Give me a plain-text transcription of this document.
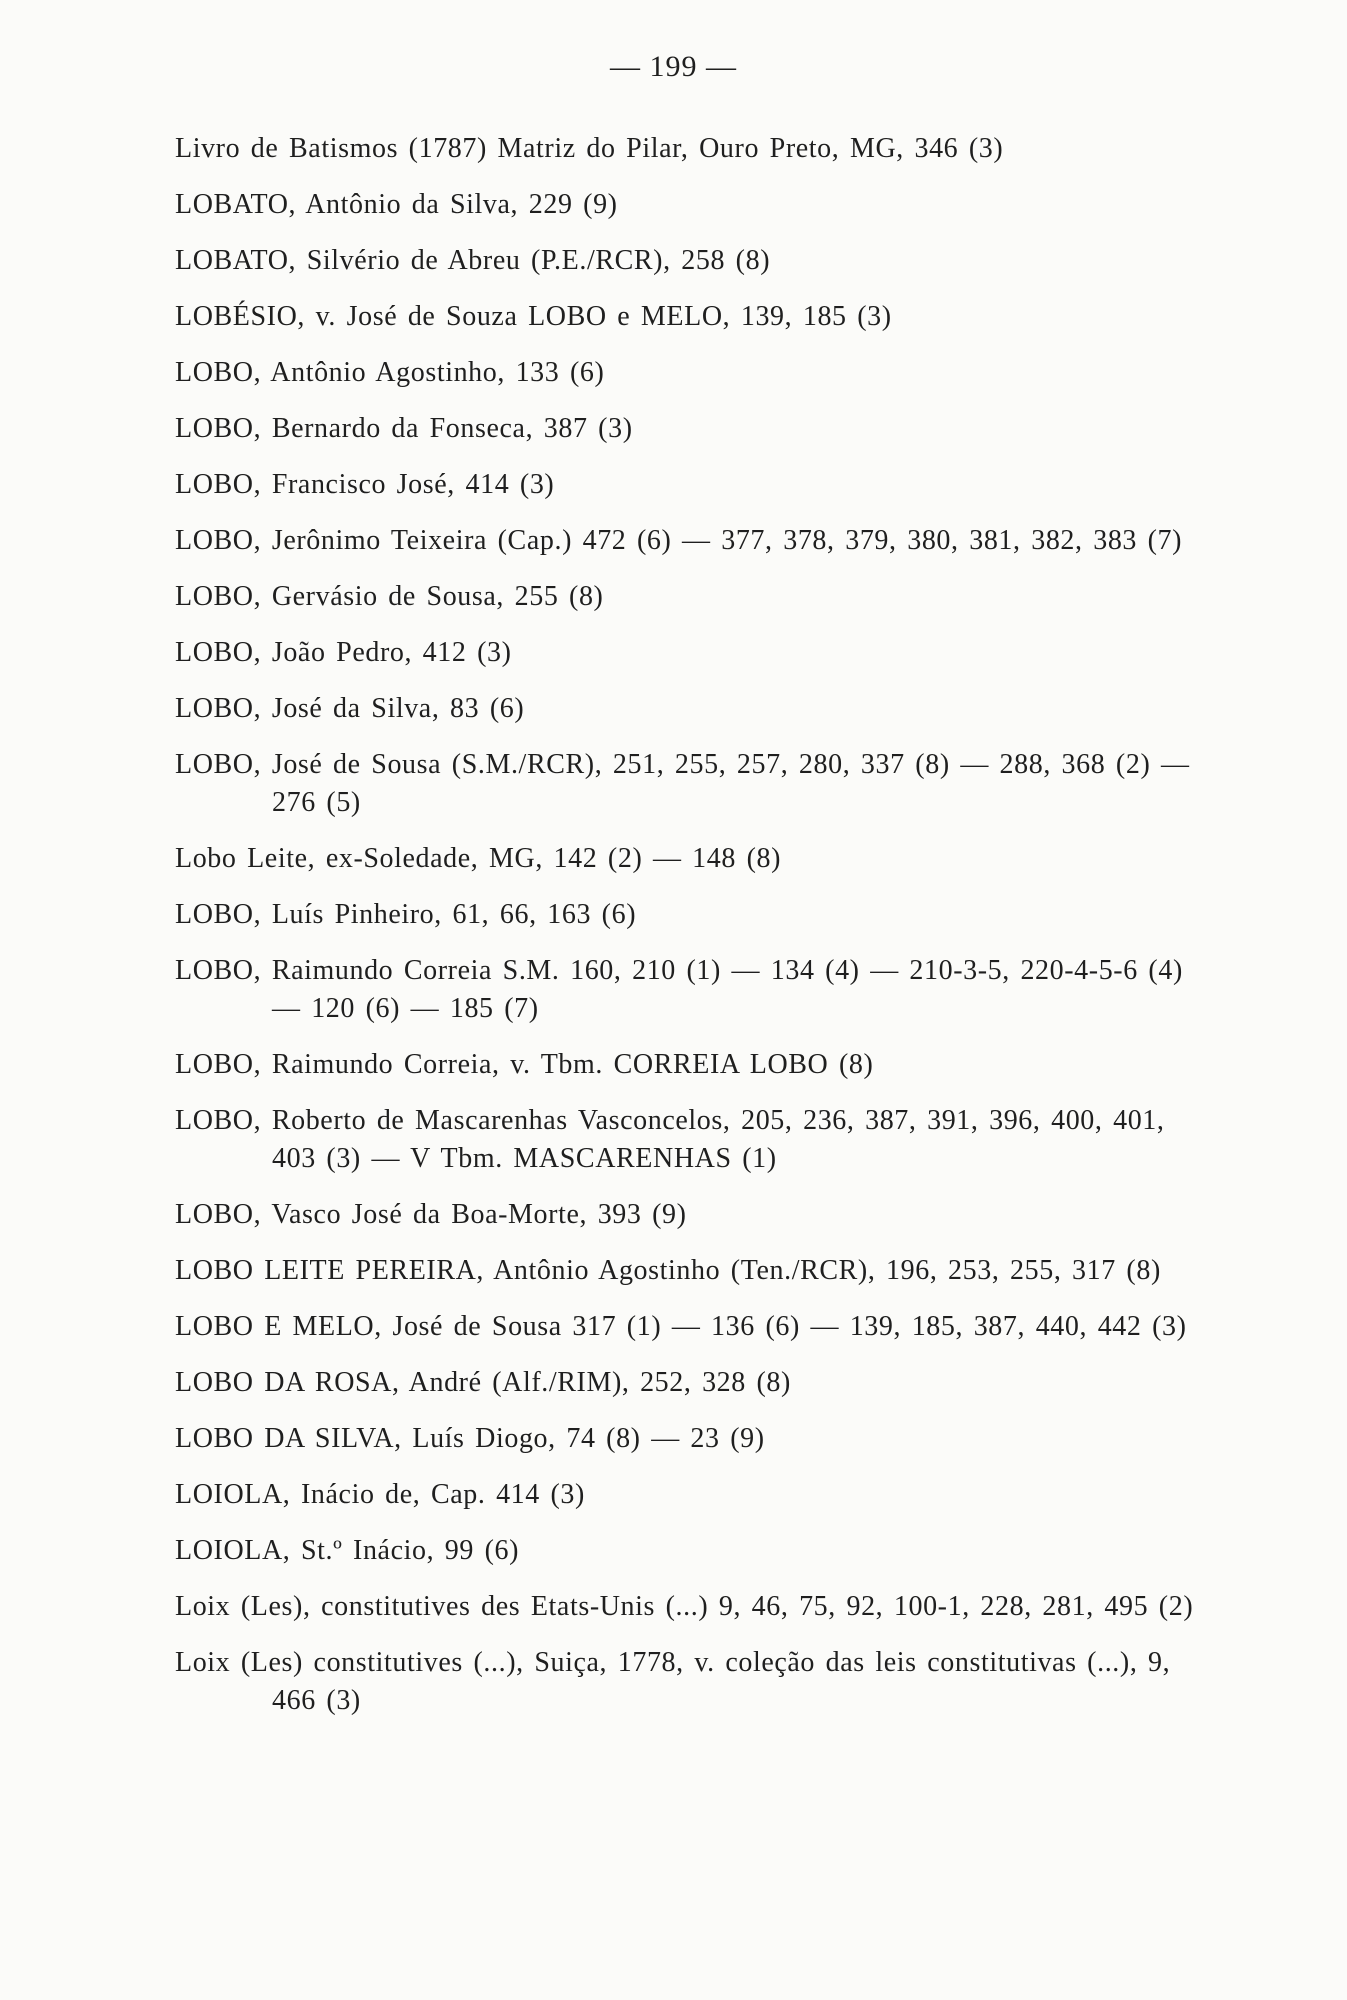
— 199 —
Livro de Batismos (1787) Matriz do Pilar, Ouro Preto, MG, 346 (3)
LOBATO, Antônio da Silva, 229 (9)
LOBATO, Silvério de Abreu (P.E./RCR), 258 (8)
LOBÉSIO, v. José de Souza LOBO e MELO, 139, 185 (3)
LOBO, Antônio Agostinho, 133 (6)
LOBO, Bernardo da Fonseca, 387 (3)
LOBO, Francisco José, 414 (3)
LOBO, Jerônimo Teixeira (Cap.) 472 (6) — 377, 378, 379, 380, 381, 382, 383 (7)
LOBO, Gervásio de Sousa, 255 (8)
LOBO, João Pedro, 412 (3)
LOBO, José da Silva, 83 (6)
LOBO, José de Sousa (S.M./RCR), 251, 255, 257, 280, 337 (8) — 288, 368 (2) — 276 (5)
Lobo Leite, ex-Soledade, MG, 142 (2) — 148 (8)
LOBO, Luís Pinheiro, 61, 66, 163 (6)
LOBO, Raimundo Correia S.M. 160, 210 (1) — 134 (4) — 210-3-5, 220-4-5-6 (4) — 120 (6) — 185 (7)
LOBO, Raimundo Correia, v. Tbm. CORREIA LOBO (8)
LOBO, Roberto de Mascarenhas Vasconcelos, 205, 236, 387, 391, 396, 400, 401, 403 (3) — V Tbm. MASCARENHAS (1)
LOBO, Vasco José da Boa-Morte, 393 (9)
LOBO LEITE PEREIRA, Antônio Agostinho (Ten./RCR), 196, 253, 255, 317 (8)
LOBO E MELO, José de Sousa 317 (1) — 136 (6) — 139, 185, 387, 440, 442 (3)
LOBO DA ROSA, André (Alf./RIM), 252, 328 (8)
LOBO DA SILVA, Luís Diogo, 74 (8) — 23 (9)
LOIOLA, Inácio de, Cap. 414 (3)
LOIOLA, St.º Inácio, 99 (6)
Loix (Les), constitutives des Etats-Unis (...) 9, 46, 75, 92, 100-1, 228, 281, 495 (2)
Loix (Les) constitutives (...), Suiça, 1778, v. coleção das leis constitutivas (...), 9, 466 (3)
